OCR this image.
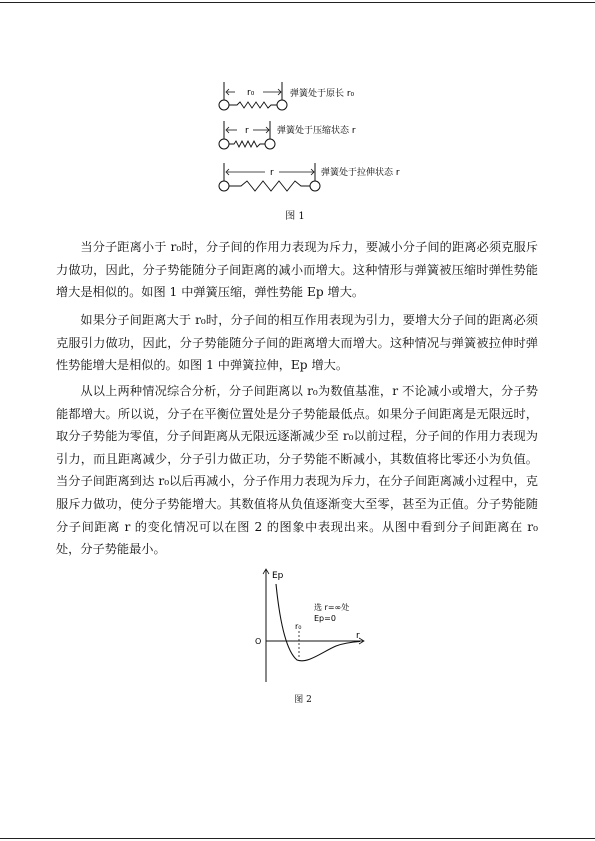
r₀	弹簧处于原长 r₀
r	弹簧处于压缩状态 r
r	弹簧处于拉伸状态 r
图 1

当分子距离小于 r₀时，分子间的作用力表现为斥力，要减小分子间的距离必须克服斥力做功，因此，分子势能随分子间距离的减小而增大。这种情形与弹簧被压缩时弹性势能增大是相似的。如图 1 中弹簧压缩，弹性势能 Ep 增大。

如果分子间距离大于 r₀时，分子间的相互作用表现为引力，要增大分子间的距离必须克服引力做功，因此，分子势能随分子间的距离增大而增大。这种情况与弹簧被拉伸时弹性势能增大是相似的。如图 1 中弹簧拉伸，Ep 增大。

从以上两种情况综合分析，分子间距离以 r₀为数值基准，r 不论减小或增大，分子势能都增大。所以说，分子在平衡位置处是分子势能最低点。如果分子间距离是无限远时，取分子势能为零值，分子间距离从无限远逐渐减少至 r₀以前过程，分子间的作用力表现为引力，而且距离减少，分子引力做正功，分子势能不断减小，其数值将比零还小为负值。当分子间距离到达 r₀以后再减小，分子作用力表现为斥力，在分子间距离减小过程中，克服斥力做功，使分子势能增大。其数值将从负值逐渐变大至零，甚至为正值。分子势能随分子间距离 r 的变化情况可以在图 2 的图象中表现出来。从图中看到分子间距离在 r₀处，分子势能最小。

Ep
r
O
r₀
选 r=∞处
Ep=0
图 2
